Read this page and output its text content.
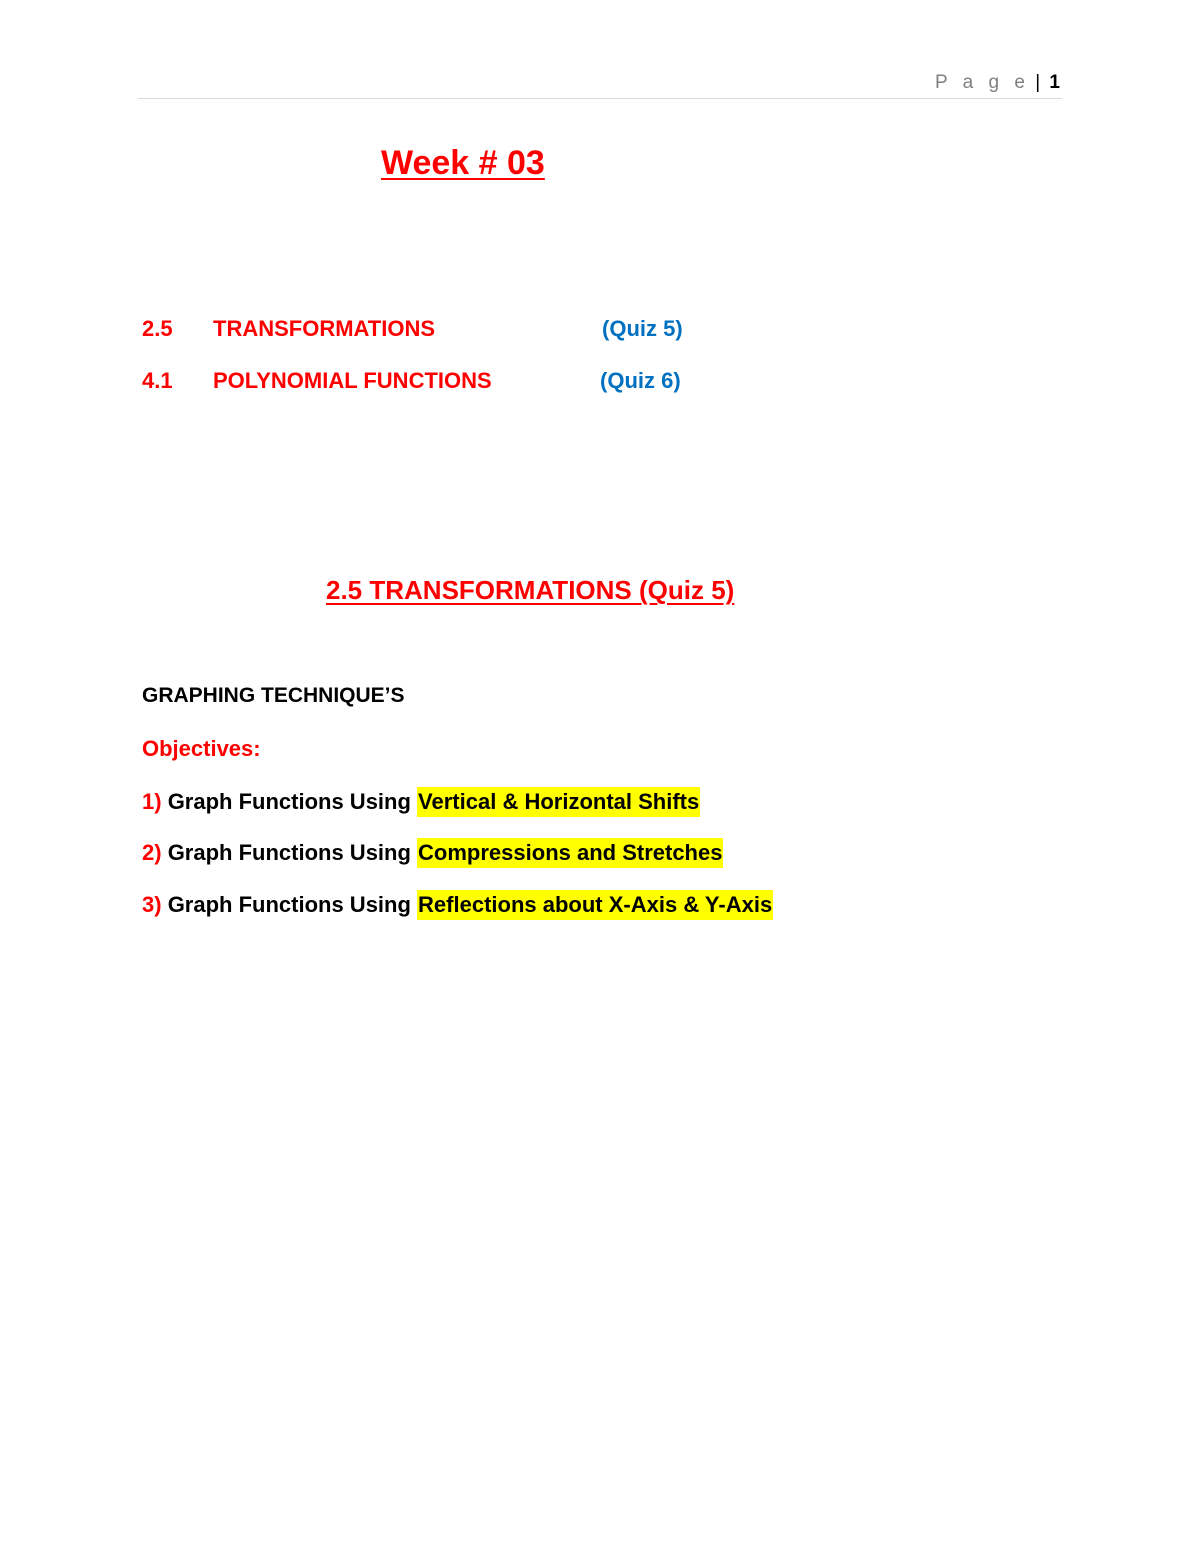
P a g e | 1
Week # 03
2.5 TRANSFORMATIONS	(Quiz 5)
4.1 POLYNOMIAL FUNCTIONS	(Quiz 6)
2.5 TRANSFORMATIONS (Quiz 5)
GRAPHING TECHNIQUE’S
Objectives:
1) Graph Functions Using Vertical & Horizontal Shifts
2) Graph Functions Using Compressions and Stretches
3) Graph Functions Using Reflections about X-Axis & Y-Axis
